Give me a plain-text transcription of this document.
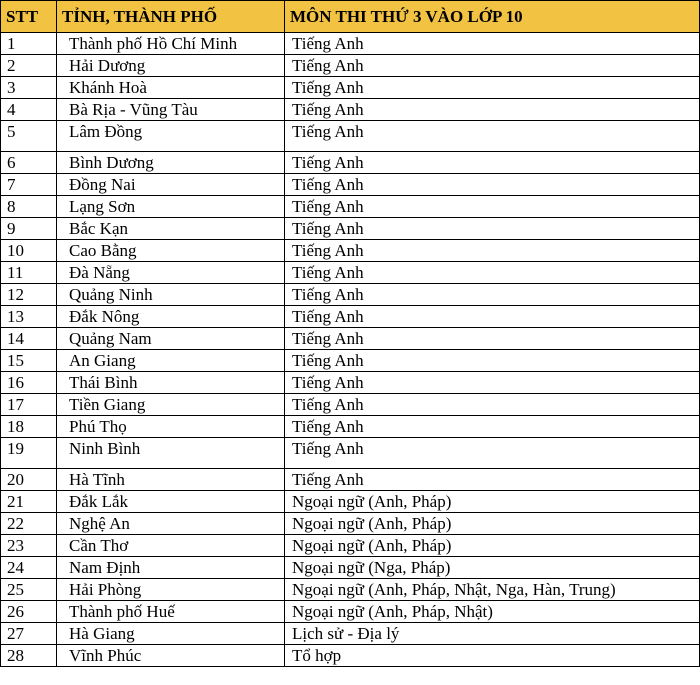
STT	TỈNH, THÀNH PHỐ	MÔN THI THỨ 3 VÀO LỚP 10
1	Thành phố Hồ Chí Minh	Tiếng Anh
2	Hải Dương	Tiếng Anh
3	Khánh Hoà	Tiếng Anh
4	Bà Rịa - Vũng Tàu	Tiếng Anh
5	Lâm Đồng	Tiếng Anh
6	Bình Dương	Tiếng Anh
7	Đồng Nai	Tiếng Anh
8	Lạng Sơn	Tiếng Anh
9	Bắc Kạn	Tiếng Anh
10	Cao Bằng	Tiếng Anh
11	Đà Nẵng	Tiếng Anh
12	Quảng Ninh	Tiếng Anh
13	Đắk Nông	Tiếng Anh
14	Quảng Nam	Tiếng Anh
15	An Giang	Tiếng Anh
16	Thái Bình	Tiếng Anh
17	Tiền Giang	Tiếng Anh
18	Phú Thọ	Tiếng Anh
19	Ninh Bình	Tiếng Anh
20	Hà Tĩnh	Tiếng Anh
21	Đắk Lắk	Ngoại ngữ (Anh, Pháp)
22	Nghệ An	Ngoại ngữ (Anh, Pháp)
23	Cần Thơ	Ngoại ngữ (Anh, Pháp)
24	Nam Định	Ngoại ngữ (Nga, Pháp)
25	Hải Phòng	Ngoại ngữ (Anh, Pháp, Nhật, Nga, Hàn, Trung)
26	Thành phố Huế	Ngoại ngữ (Anh, Pháp, Nhật)
27	Hà Giang	Lịch sử - Địa lý
28	Vĩnh Phúc	Tổ hợp
